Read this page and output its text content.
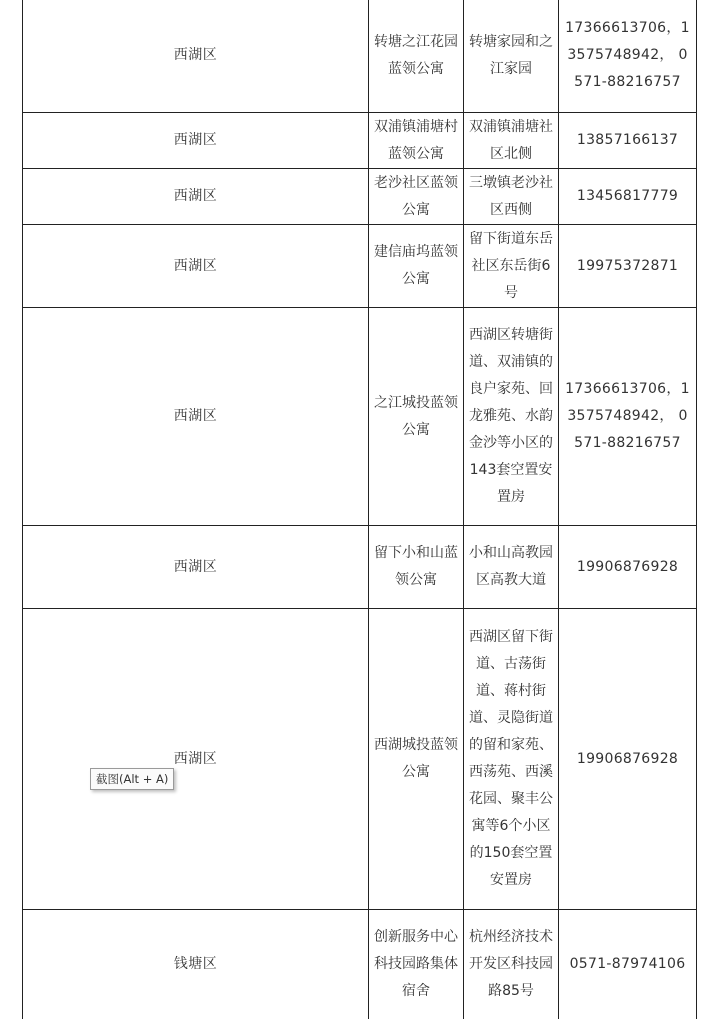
西湖区	转塘之江花园蓝领公寓	转塘家园和之江家园	17366613706，13575748942， 0571-88216757
西湖区	双浦镇浦塘村蓝领公寓	双浦镇浦塘社区北侧	13857166137
西湖区	老沙社区蓝领公寓	三墩镇老沙社区西侧	13456817779
西湖区	建信庙坞蓝领公寓	留下街道东岳社区东岳街6号	19975372871
西湖区	之江城投蓝领公寓	西湖区转塘街道、双浦镇的良户家苑、回龙雅苑、水韵金沙等小区的143套空置安置房	17366613706，13575748942， 0571-88216757
西湖区	留下小和山蓝领公寓	小和山高教园区高教大道	19906876928
西湖区	西湖城投蓝领公寓	西湖区留下街道、古荡街道、蒋村街道、灵隐街道的留和家苑、西荡苑、西溪花园、聚丰公寓等6个小区的150套空置安置房	19906876928
钱塘区	创新服务中心科技园路集体宿舍	杭州经济技术开发区科技园路85号	0571-87974106
截图(Alt + A)
